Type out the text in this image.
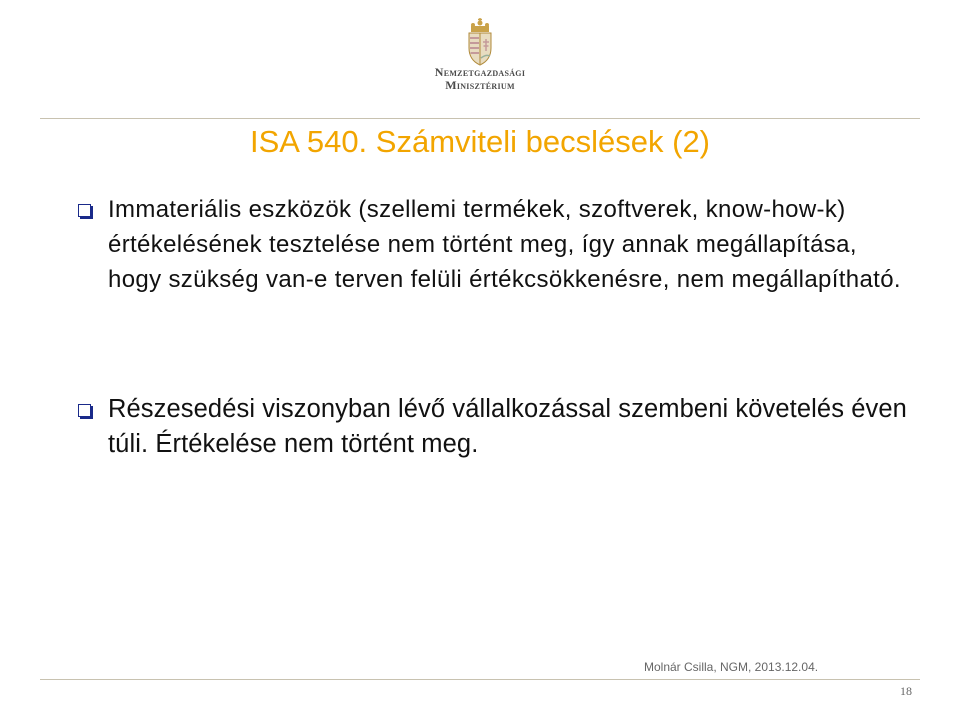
Nemzetgazdasági
Minisztérium
ISA 540. Számviteli becslések (2)
Immateriális eszközök (szellemi termékek, szoftverek, know-how-k) értékelésének tesztelése nem történt meg, így annak megállapítása, hogy szükség van-e terven felüli értékcsökkenésre, nem megállapítható.
Részesedési viszonyban lévő vállalkozással szembeni követelés éven túli. Értékelése nem történt meg.
Molnár Csilla, NGM, 2013.12.04.
18
